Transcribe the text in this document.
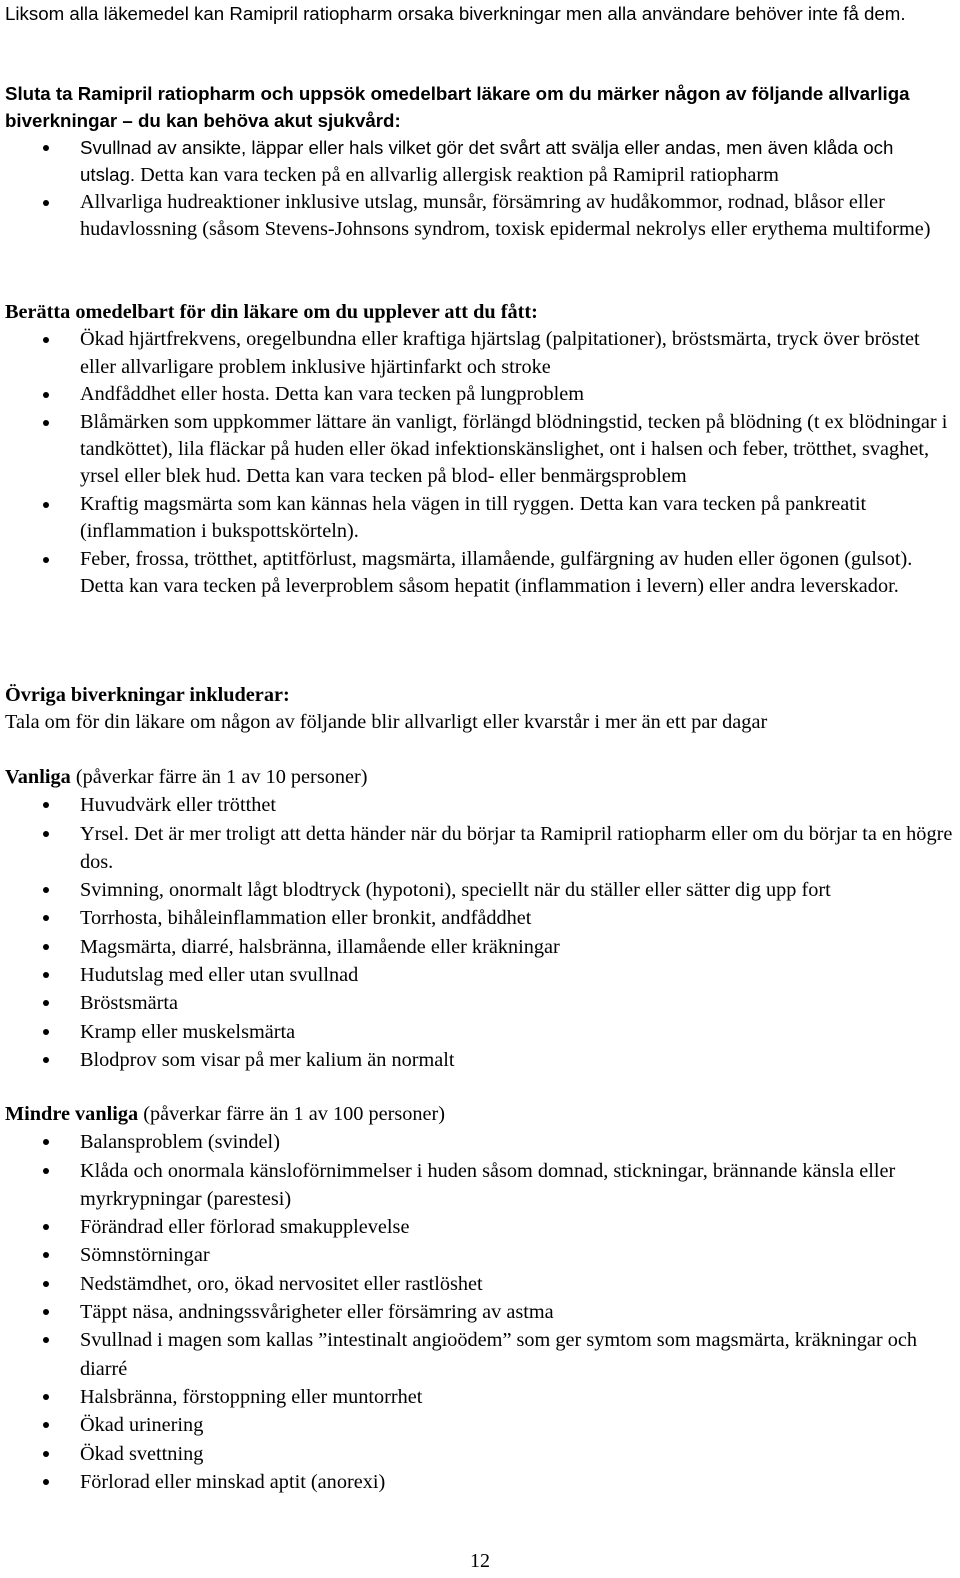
Liksom alla läkemedel kan Ramipril ratiopharm orsaka biverkningar men alla användare behöver inte få dem.

Sluta ta Ramipril ratiopharm och uppsök omedelbart läkare om du märker någon av följande allvarliga biverkningar – du kan behöva akut sjukvård:

Svullnad av ansikte, läppar eller hals vilket gör det svårt att svälja eller andas, men även klåda och utslag. Detta kan vara tecken på en allvarlig allergisk reaktion på Ramipril ratiopharm
Allvarliga hudreaktioner inklusive utslag, munsår, försämring av hudåkommor, rodnad, blåsor eller hudavlossning (såsom Stevens-Johnsons syndrom, toxisk epidermal nekrolys eller erythema multiforme)

Berätta omedelbart för din läkare om du upplever att du fått:

Ökad hjärtfrekvens, oregelbundna eller kraftiga hjärtslag (palpitationer), bröstsmärta, tryck över bröstet eller allvarligare problem inklusive hjärtinfarkt och stroke
Andfåddhet eller hosta. Detta kan vara tecken på lungproblem
Blåmärken som uppkommer lättare än vanligt, förlängd blödningstid, tecken på blödning (t ex blödningar i tandköttet), lila fläckar på huden eller ökad infektionskänslighet, ont i halsen och feber, trötthet, svaghet, yrsel eller blek hud. Detta kan vara tecken på blod- eller benmärgsproblem
Kraftig magsmärta som kan kännas hela vägen in till ryggen. Detta kan vara tecken på pankreatit (inflammation i bukspottskörteln).
Feber, frossa, trötthet, aptitförlust, magsmärta, illamående, gulfärgning av huden eller ögonen (gulsot). Detta kan vara tecken på leverproblem såsom hepatit (inflammation i levern) eller andra leverskador.

Övriga biverkningar inkluderar:

Tala om för din läkare om någon av följande blir allvarligt eller kvarstår i mer än ett par dagar

Vanliga (påverkar färre än 1 av 10 personer)

Huvudvärk eller trötthet
Yrsel. Det är mer troligt att detta händer när du börjar ta Ramipril ratiopharm eller om du börjar ta en högre dos.
Svimning, onormalt lågt blodtryck (hypotoni), speciellt när du ställer eller sätter dig upp fort
Torrhosta, bihåleinflammation eller bronkit, andfåddhet
Magsmärta, diarré, halsbränna, illamående eller kräkningar
Hudutslag med eller utan svullnad
Bröstsmärta
Kramp eller muskelsmärta
Blodprov som visar på mer kalium än normalt

Mindre vanliga (påverkar färre än 1 av 100 personer)

Balansproblem (svindel)
Klåda och onormala känsloförnimmelser i huden såsom domnad, stickningar, brännande känsla eller myrkrypningar (parestesi)
Förändrad eller förlorad smakupplevelse
Sömnstörningar
Nedstämdhet, oro, ökad nervositet eller rastlöshet
Täppt näsa, andningssvårigheter eller försämring av astma
Svullnad i magen som kallas ”intestinalt angioödem” som ger symtom som magsmärta, kräkningar och diarré
Halsbränna, förstoppning eller muntorrhet
Ökad urinering
Ökad svettning
Förlorad eller minskad aptit (anorexi)
12
